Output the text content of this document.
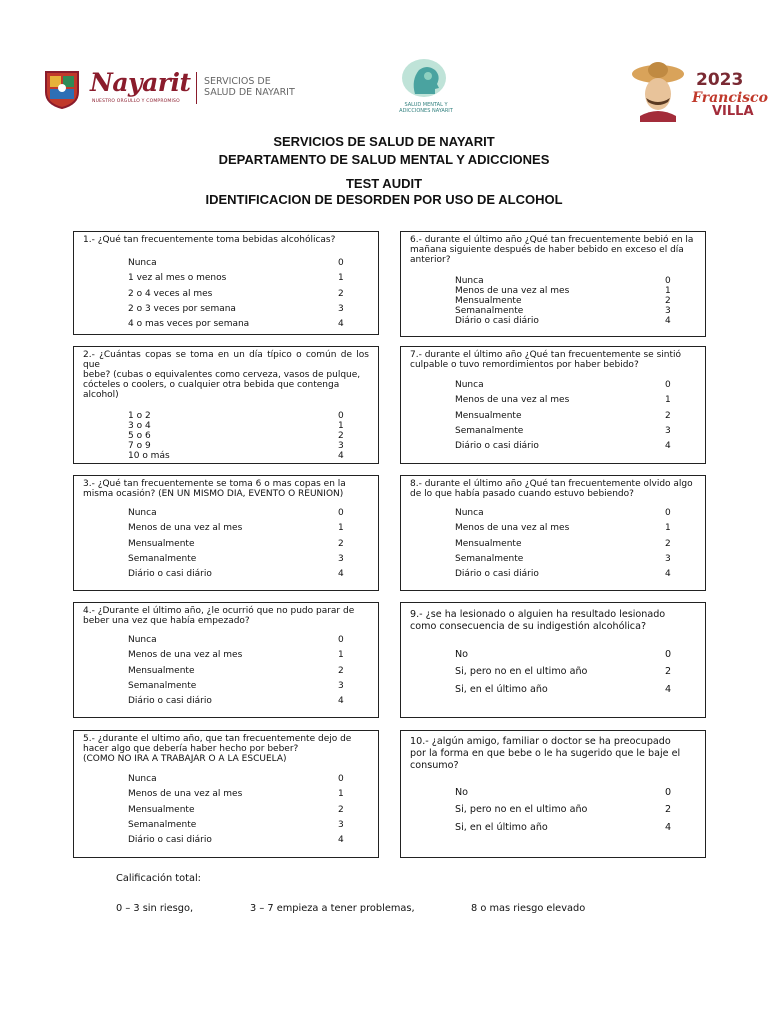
Nayarit
NUESTRO ORGULLO Y COMPROMISO
SERVICIOS DE
SALUD DE NAYARIT
SALUD MENTAL Y
ADICCIONES NAYARIT
2023
Francisco
VILLA
SERVICIOS DE SALUD DE NAYARIT
DEPARTAMENTO DE SALUD MENTAL Y ADICCIONES
TEST AUDIT
IDENTIFICACION DE DESORDEN POR USO DE ALCOHOL
1.- ¿Qué tan frecuentemente toma bebidas alcohólicas?
Nunca	0
1 vez al mes o menos	1
2 o 4 veces al mes	2
2 o 3 veces por semana	3
4 o mas veces por semana	4
2.- ¿Cuántas copas se toma en un día típico o común de los que
bebe? (cubas o equivalentes como cerveza, vasos de pulque,
cócteles o coolers, o cualquier otra bebida que contenga
alcohol)
1 o 2	0
3 o 4	1
5 o 6	2
7 o 9	3
10 o más	4
3.- ¿Qué tan frecuentemente se toma 6 o mas copas en la
misma ocasión? (EN UN MISMO DIA, EVENTO O REUNION)
Nunca	0
Menos de una vez al mes	1
Mensualmente	2
Semanalmente	3
Diário o casi diário	4
4.- ¿Durante el último año, ¿le ocurrió que no pudo parar de
beber una vez que había empezado?
Nunca	0
Menos de una vez al mes	1
Mensualmente	2
Semanalmente	3
Diário o casi diário	4
5.- ¿durante el ultimo año, que tan frecuentemente dejo de
hacer algo que debería haber hecho por beber?
(COMO NO IRA A TRABAJAR O A LA ESCUELA)
Nunca	0
Menos de una vez al mes	1
Mensualmente	2
Semanalmente	3
Diário o casi diário	4
6.- durante el último año ¿Qué tan frecuentemente bebió en la
mañana siguiente después de haber bebido en exceso el día
anterior?
Nunca	0
Menos de una vez al mes	1
Mensualmente	2
Semanalmente	3
Diário o casi diário	4
7.- durante el último año ¿Qué tan frecuentemente se sintió
culpable o tuvo remordimientos por haber bebido?
Nunca	0
Menos de una vez al mes	1
Mensualmente	2
Semanalmente	3
Diário o casi diário	4
8.- durante el último año ¿Qué tan frecuentemente olvido algo
de lo que había pasado cuando estuvo bebiendo?
Nunca	0
Menos de una vez al mes	1
Mensualmente	2
Semanalmente	3
Diário o casi diário	4
9.- ¿se ha lesionado o alguien ha resultado lesionado
como consecuencia de su indigestión alcohólica?
No	0
Si, pero no en el ultimo año	2
Si, en el último año	4
10.- ¿algún amigo, familiar o doctor se ha preocupado
por la forma en que bebe o le ha sugerido que le baje el
consumo?
No	0
Si, pero no en el ultimo año	2
Si, en el último año	4
Calificación total:
0 – 3 sin riesgo,	3 – 7 empieza a tener problemas,	8 o mas riesgo elevado
